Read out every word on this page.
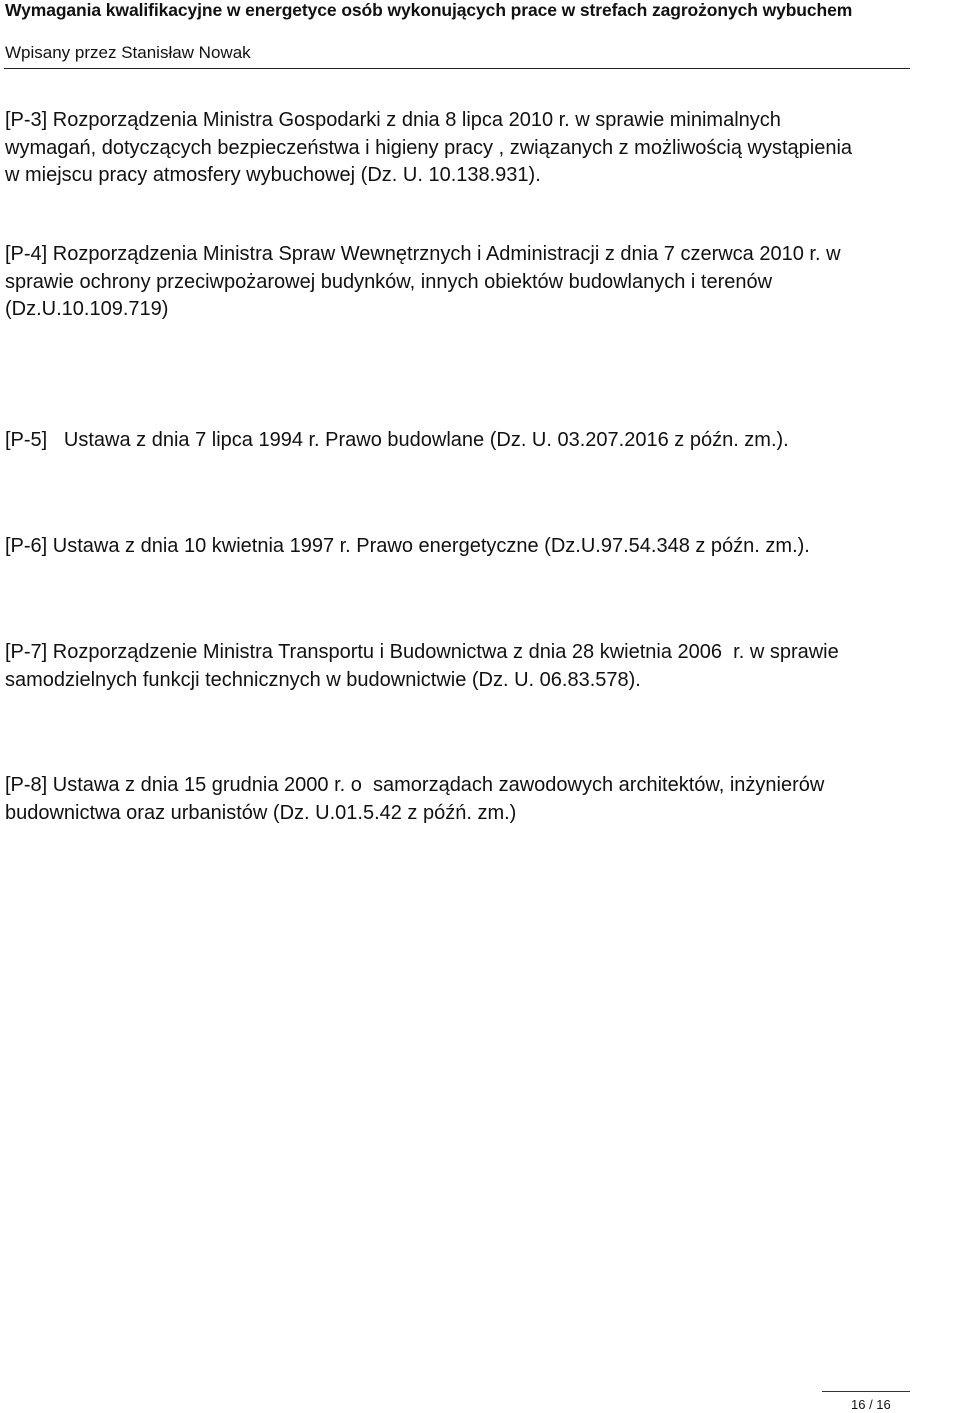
Wymagania kwalifikacyjne w energetyce osób wykonujących prace w strefach zagrożonych wybuchem
Wpisany przez Stanisław Nowak
[P-3] Rozporządzenia Ministra Gospodarki z dnia 8 lipca 2010 r. w sprawie minimalnych
wymagań, dotyczących bezpieczeństwa i higieny pracy , związanych z możliwością wystąpienia
w miejscu pracy atmosfery wybuchowej (Dz. U. 10.138.931).
[P-4] Rozporządzenia Ministra Spraw Wewnętrznych i Administracji z dnia 7 czerwca 2010 r. w
sprawie ochrony przeciwpożarowej budynków, innych obiektów budowlanych i terenów
(Dz.U.10.109.719)
[P-5]   Ustawa z dnia 7 lipca 1994 r. Prawo budowlane (Dz. U. 03.207.2016 z późn. zm.).
[P-6] Ustawa z dnia 10 kwietnia 1997 r. Prawo energetyczne (Dz.U.97.54.348 z późn. zm.).
[P-7] Rozporządzenie Ministra Transportu i Budownictwa z dnia 28 kwietnia 2006  r. w sprawie
samodzielnych funkcji technicznych w budownictwie (Dz. U. 06.83.578).
[P-8] Ustawa z dnia 15 grudnia 2000 r. o  samorządach zawodowych architektów, inżynierów
budownictwa oraz urbanistów (Dz. U.01.5.42 z późń. zm.)
16 / 16
